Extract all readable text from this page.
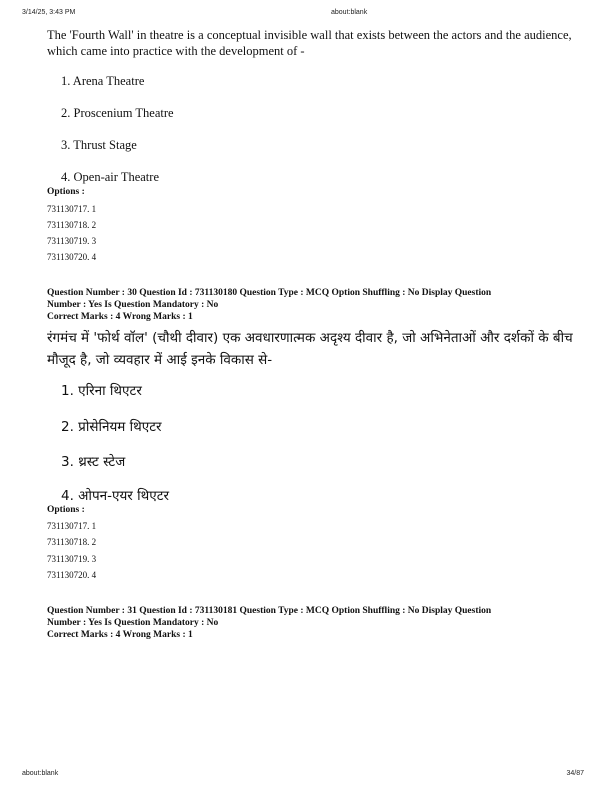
3/14/25, 3:43 PM	about:blank
The 'Fourth Wall' in theatre is a conceptual invisible wall that exists between the actors and the audience, which came into practice with the development of -
1. Arena Theatre
2. Proscenium Theatre
3. Thrust Stage
4. Open-air Theatre
Options :
731130717. 1
731130718. 2
731130719. 3
731130720. 4
Question Number : 30 Question Id : 731130180 Question Type : MCQ Option Shuffling : No Display Question
Number : Yes Is Question Mandatory : No
Correct Marks : 4 Wrong Marks : 1
रंगमंच में 'फोर्थ वॉल' (चौथी दीवार) एक अवधारणात्मक अदृश्य दीवार है, जो अभिनेताओं और दर्शकों के बीच मौजूद है, जो व्यवहार में आई इनके विकास से-
1. एरिना थिएटर
2. प्रोसेनियम थिएटर
3. थ्रस्ट स्टेज
4. ओपन-एयर थिएटर
Options :
731130717. 1
731130718. 2
731130719. 3
731130720. 4
Question Number : 31 Question Id : 731130181 Question Type : MCQ Option Shuffling : No Display Question
Number : Yes Is Question Mandatory : No
Correct Marks : 4 Wrong Marks : 1
about:blank	34/87
